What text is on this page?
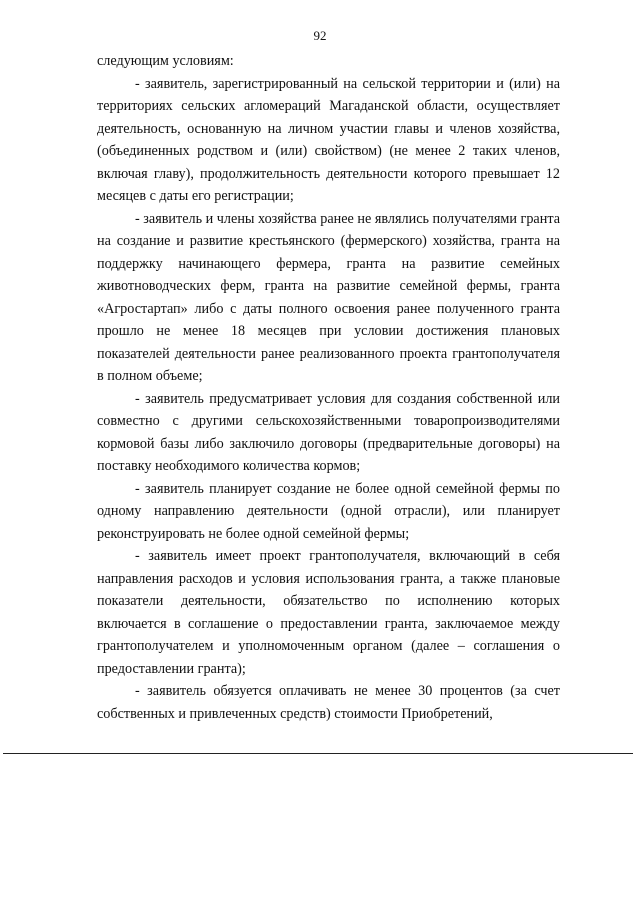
92

следующим условиям:

- заявитель, зарегистрированный на сельской территории и (или) на территориях сельских агломераций Магаданской области, осуществляет деятельность, основанную на личном участии главы и членов хозяйства, (объединенных родством и (или) свойством) (не менее 2 таких членов, включая главу), продолжительность деятельности которого превышает 12 месяцев с даты его регистрации;

- заявитель и члены хозяйства ранее не являлись получателями гранта на создание и развитие крестьянского (фермерского) хозяйства, гранта на поддержку начинающего фермера, гранта на развитие семейных животноводческих ферм, гранта на развитие семейной фермы, гранта «Агростартап» либо с даты полного освоения ранее полученного гранта прошло не менее 18 месяцев при условии достижения плановых показателей деятельности ранее реализованного проекта грантополучателя в полном объеме;

- заявитель предусматривает условия для создания собственной или совместно с другими сельскохозяйственными товаропроизводителями кормовой базы либо заключило договоры (предварительные договоры) на поставку необходимого количества кормов;

- заявитель планирует создание не более одной семейной фермы по одному направлению деятельности (одной отрасли), или планирует реконструировать не более одной семейной фермы;

- заявитель имеет проект грантополучателя, включающий в себя направления расходов и условия использования гранта, а также плановые показатели деятельности, обязательство по исполнению которых включается в соглашение о предоставлении гранта, заключаемое между грантополучателем и уполномоченным органом (далее – соглашения о предоставлении гранта);

- заявитель обязуется оплачивать не менее 30 процентов (за счет собственных и привлеченных средств) стоимости Приобретений,
